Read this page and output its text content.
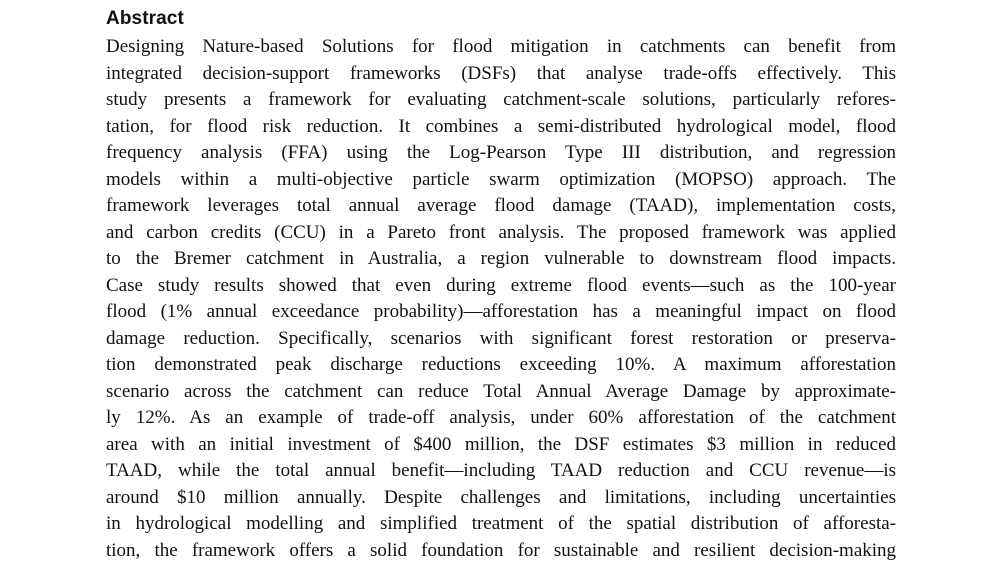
Abstract
Designing Nature-based Solutions for flood mitigation in catchments can benefit from
integrated decision-support frameworks (DSFs) that analyse trade-offs effectively. This
study presents a framework for evaluating catchment-scale solutions, particularly refores-
tation, for flood risk reduction. It combines a semi-distributed hydrological model, flood
frequency analysis (FFA) using the Log-Pearson Type III distribution, and regression
models within a multi-objective particle swarm optimization (MOPSO) approach. The
framework leverages total annual average flood damage (TAAD), implementation costs,
and carbon credits (CCU) in a Pareto front analysis. The proposed framework was applied
to the Bremer catchment in Australia, a region vulnerable to downstream flood impacts.
Case study results showed that even during extreme flood events—such as the 100-year
flood (1% annual exceedance probability)—afforestation has a meaningful impact on flood
damage reduction. Specifically, scenarios with significant forest restoration or preserva-
tion demonstrated peak discharge reductions exceeding 10%. A maximum afforestation
scenario across the catchment can reduce Total Annual Average Damage by approximate-
ly 12%. As an example of trade-off analysis, under 60% afforestation of the catchment
area with an initial investment of $400 million, the DSF estimates $3 million in reduced
TAAD, while the total annual benefit—including TAAD reduction and CCU revenue—is
around $10 million annually. Despite challenges and limitations, including uncertainties
in hydrological modelling and simplified treatment of the spatial distribution of afforesta-
tion, the framework offers a solid foundation for sustainable and resilient decision-making
